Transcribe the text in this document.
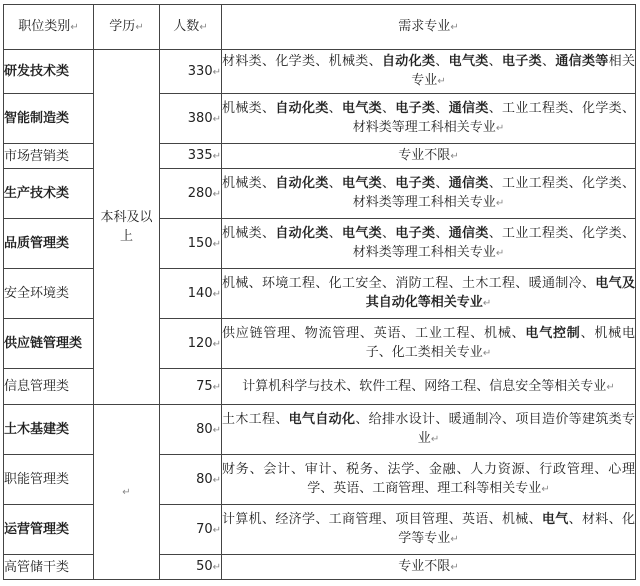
职位类别↵	学历↵	人数↵	需求专业↵
研发技术类	本科及以上	330↵	材料类、化学类、机械类、自动化类、电气类、电子类、通信类等相关专业↵
智能制造类		380↵	机械类、自动化类、电气类、电子类、通信类、工业工程类、化学类、材料类等理工科相关专业↵
市场营销类		335↵	专业不限↵
生产技术类		280↵	机械类、自动化类、电气类、电子类、通信类、工业工程类、化学类、材料类等理工科相关专业↵
品质管理类		150↵	机械类、自动化类、电气类、电子类、通信类、工业工程类、化学类、材料类等理工科相关专业↵
安全环境类		140↵	机械、环境工程、化工安全、消防工程、土木工程、暖通制冷、电气及其自动化等相关专业↵
供应链管理类		120↵	供应链管理、物流管理、英语、工业工程、机械、电气控制、机械电子、化工类相关专业↵
信息管理类		75↵	计算机科学与技术、软件工程、网络工程、信息安全等相关专业↵
土木基建类	↵	80↵	土木工程、电气自动化、给排水设计、暖通制冷、项目造价等建筑类专业↵
职能管理类		80↵	财务、会计、审计、税务、法学、金融、人力资源、行政管理、心理学、英语、工商管理、理工科等相关专业↵
运营管理类		70↵	计算机、经济学、工商管理、项目管理、英语、机械、电气、材料、化学等专业↵
高管储干类		50↵	专业不限↵
